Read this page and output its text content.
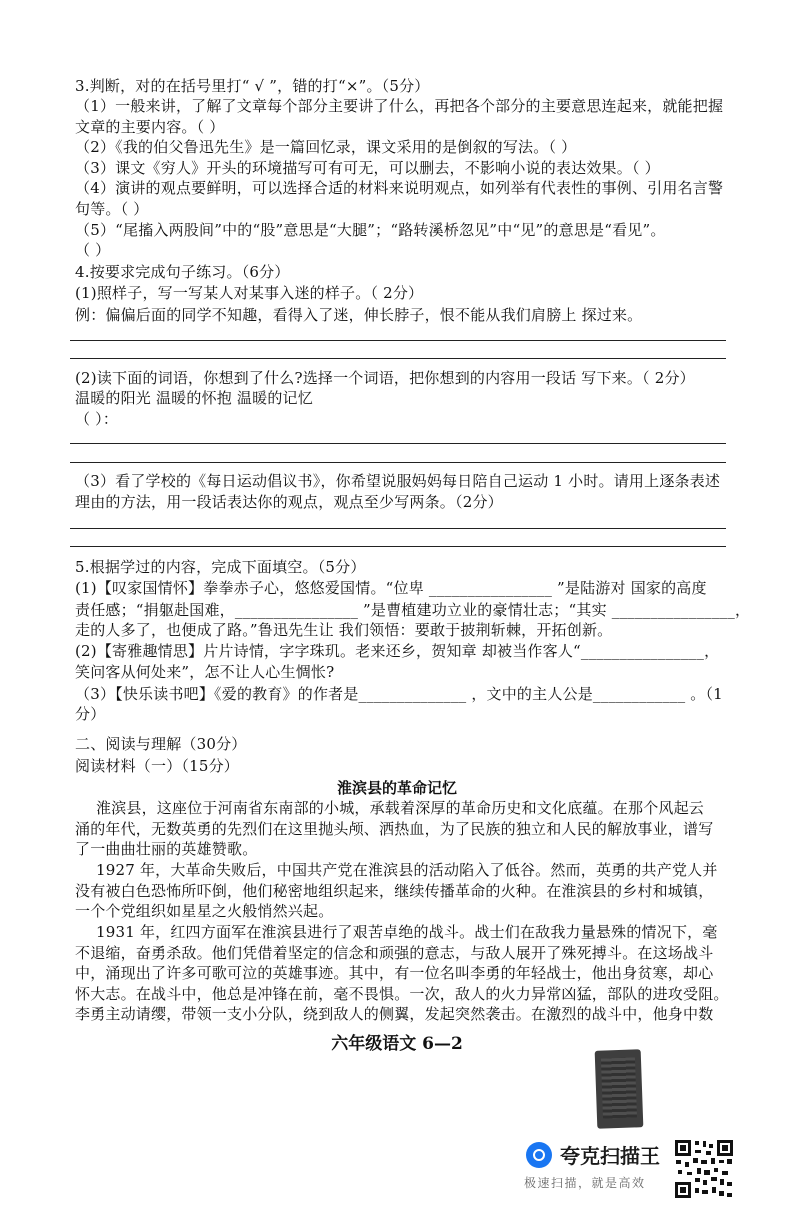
3.判断，对的在括号里打“ √ ”，错的打“×”。（5分）
（1）一般来讲，了解了文章每个部分主要讲了什么，再把各个部分的主要意思连起来，就能把握
文章的主要内容。（ ）
（2）《我的伯父鲁迅先生》是一篇回忆录，课文采用的是倒叙的写法。（ ）
（3）课文《穷人》开头的环境描写可有可无，可以删去，不影响小说的表达效果。（ ）
（4）演讲的观点要鲜明，可以选择合适的材料来说明观点，如列举有代表性的事例、引用名言警
句等。（ ）
（5）“尾搐入两股间”中的“股”意思是“大腿”；“路转溪桥忽见”中“见”的意思是“看见”。
（ ）
4.按要求完成句子练习。（6分）
(1)照样子，写一写某人对某事入迷的样子。（ 2分）
例：偏偏后面的同学不知趣，看得入了迷，伸长脖子，恨不能从我们肩膀上 探过来。
(2)读下面的词语，你想到了什么?选择一个词语，把你想到的内容用一段话 写下来。（ 2分）
温暖的阳光 温暖的怀抱 温暖的记忆
（ ）：
（3）看了学校的《每日运动倡议书》，你希望说服妈妈每日陪自己运动 1 小时。请用上逐条表述
理由的方法，用一段话表达你的观点，观点至少写两条。（2分）
5.根据学过的内容，完成下面填空。（5分）
(1)【叹家国情怀】拳拳赤子心，悠悠爱国情。“位卑 ________________ ”是陆游对 国家的高度
责任感；“捐躯赴国难，________________ ”是曹植建功立业的豪情壮志；“其实 ________________，
走的人多了，也便成了路。”鲁迅先生让 我们领悟：要敢于披荆斩棘，开拓创新。
(2)【寄雅趣情思】片片诗情，字字珠玑。老来还乡，贺知章 却被当作客人“________________，
笑问客从何处来”，怎不让人心生惆怅?
（3）【快乐读书吧】《爱的教育》的作者是______________ ，文中的主人公是____________ 。（1
分）
二、阅读与理解（30分）
阅读材料（一）（15分）
淮滨县的革命记忆
淮滨县，这座位于河南省东南部的小城，承载着深厚的革命历史和文化底蕴。在那个风起云
涌的年代，无数英勇的先烈们在这里抛头颅、洒热血，为了民族的独立和人民的解放事业，谱写
了一曲曲壮丽的英雄赞歌。
1927 年，大革命失败后，中国共产党在淮滨县的活动陷入了低谷。然而，英勇的共产党人并
没有被白色恐怖所吓倒，他们秘密地组织起来，继续传播革命的火种。在淮滨县的乡村和城镇，
一个个党组织如星星之火般悄然兴起。
1931 年，红四方面军在淮滨县进行了艰苦卓绝的战斗。战士们在敌我力量悬殊的情况下，毫
不退缩，奋勇杀敌。他们凭借着坚定的信念和顽强的意志，与敌人展开了殊死搏斗。在这场战斗
中，涌现出了许多可歌可泣的英雄事迹。其中，有一位名叫李勇的年轻战士，他出身贫寒，却心
怀大志。在战斗中，他总是冲锋在前，毫不畏惧。一次，敌人的火力异常凶猛，部队的进攻受阻。
李勇主动请缨，带领一支小分队，绕到敌人的侧翼，发起突然袭击。在激烈的战斗中，他身中数
六年级语文 6—2
夸克扫描王
极速扫描，就是高效
